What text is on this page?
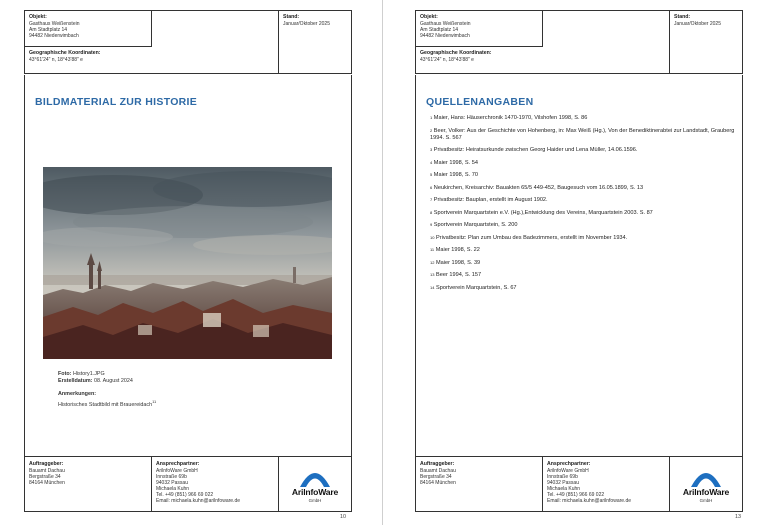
Objekt:
Gasthaus Weißenstein
Am Stadtplatz 14
94482 Niederwimbach
Stand:
Januar/Oktober 2025
Geographische Koordinaten:
43°61'24" n, 18°43'88" e
BILDMATERIAL ZUR HISTORIE
Foto: History1.JPG
Erstelldatum: 08. August 2024
Anmerkungen:
Historisches Stadtbild mit Brauereidach$^{11}$
Auftraggeber:
Bauamt Dachau
Bergstraße 34
84164 München
Ansprechpartner:
ArilnfoWare GmbH
Innstraße 69b
94032 Passau
Michaela Kuhn
Tel. +49 (851) 966 69 022
Email: michaela.kuhn@arilnfoware.de
ArilnfoWare
GmbH
10
Objekt:
Gasthaus Weißenstein
Am Stadtplatz 14
94482 Niederwimbach
Stand:
Januar/Oktober 2025
Geographische Koordinaten:
43°61'24" n, 18°43'88" e
QUELLENANGABEN
$^1$ Maier, Hans: Häuserchronik 1470-1970, Vilshofen 1998, S. 86
$^2$ Beer, Volker: Aus der Geschichte von Hohenberg, in: Max Weiß (Hg.), Von der Benediktinerabtei zur Landstadt, Grauberg 1994. S. 567
$^3$ Privatbesitz: Heiratsurkunde zwischen Georg Haider und Lena Müller, 14.06.1596.
$^4$ Maier 1998, S. 54
$^5$ Maier 1998, S. 70
$^6$ Neukirchen, Kreisarchiv: Bauakten 65/5 449-452, Baugesuch vom 16.05.1899, S. 13
$^7$ Privatbesitz: Bauplan, erstellt im August 1902.
$^8$ Sportverein Marquartstein e.V. (Hg.),Entwicklung des Vereins, Marquartstein 2003. S. 87
$^9$ Sportverein Marquartstein, S. 200
$^{10}$ Privatbesitz: Plan zum Umbau des Badezimmers, erstellt im November 1934.
$^{11}$ Maier 1998, S. 22
$^{12}$ Maier 1998, S. 39
$^{13}$ Beer 1994, S. 157
$^{14}$ Sportverein Marquartstein, S. 67
Auftraggeber:
Bauamt Dachau
Bergstraße 34
84164 München
Ansprechpartner:
ArilnfoWare GmbH
Innstraße 69b
94032 Passau
Michaela Kuhn
Tel. +49 (851) 966 69 022
Email: michaela.kuhn@arilnfoware.de
ArilnfoWare
GmbH
13
